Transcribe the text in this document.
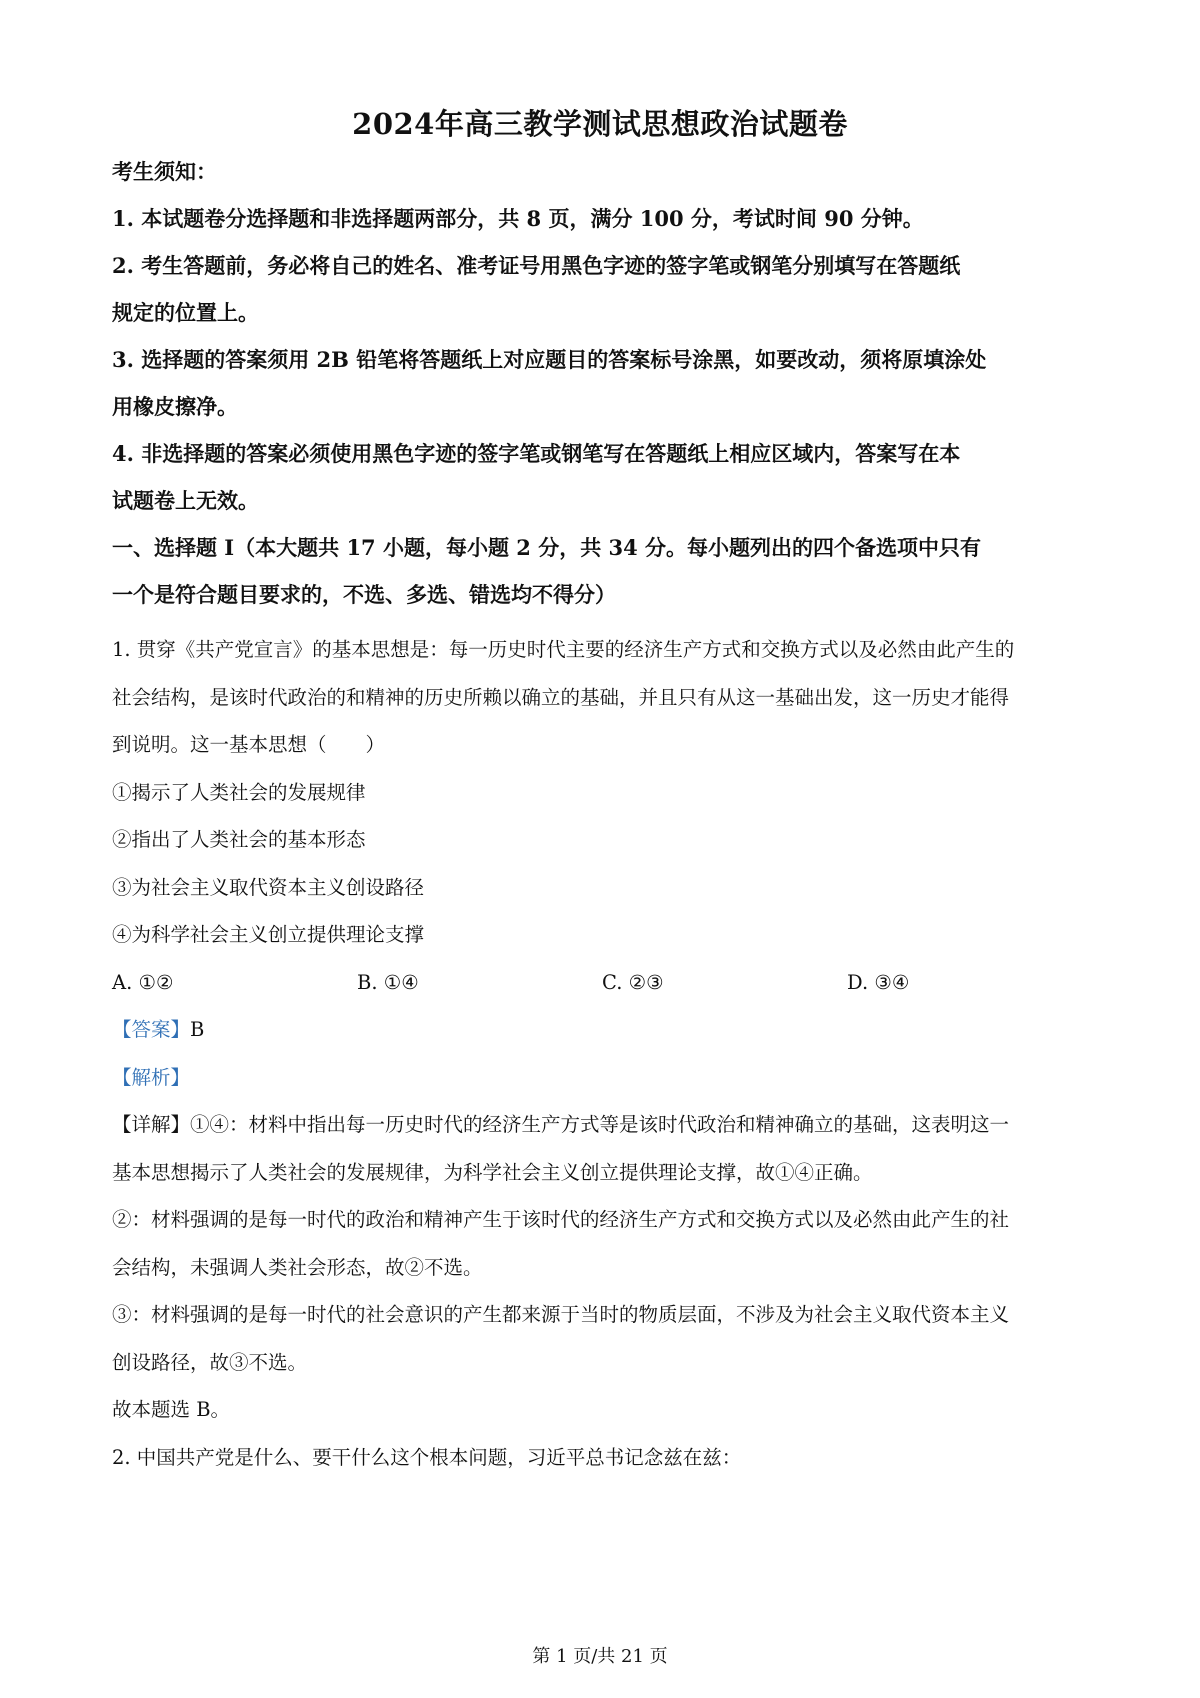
2024年高三教学测试思想政治试题卷

考生须知：

1. 本试题卷分选择题和非选择题两部分，共 8 页，满分 100 分，考试时间 90 分钟。

2. 考生答题前，务必将自己的姓名、准考证号用黑色字迹的签字笔或钢笔分别填写在答题纸

规定的位置上。

3. 选择题的答案须用 2B 铅笔将答题纸上对应题目的答案标号涂黑，如要改动，须将原填涂处

用橡皮擦净。

4. 非选择题的答案必须使用黑色字迹的签字笔或钢笔写在答题纸上相应区域内，答案写在本

试题卷上无效。

一、选择题 I（本大题共 17 小题，每小题 2 分，共 34 分。每小题列出的四个备选项中只有

一个是符合题目要求的，不选、多选、错选均不得分）

1. 贯穿《共产党宣言》的基本思想是：每一历史时代主要的经济生产方式和交换方式以及必然由此产生的

社会结构，是该时代政治的和精神的历史所赖以确立的基础，并且只有从这一基础出发，这一历史才能得

到说明。这一基本思想（　　）

①揭示了人类社会的发展规律

②指出了人类社会的基本形态

③为社会主义取代资本主义创设路径

④为科学社会主义创立提供理论支撑

A. ①②	B. ①④	C. ②③	D. ③④

【答案】B

【解析】

【详解】①④：材料中指出每一历史时代的经济生产方式等是该时代政治和精神确立的基础，这表明这一

基本思想揭示了人类社会的发展规律，为科学社会主义创立提供理论支撑，故①④正确。

②：材料强调的是每一时代的政治和精神产生于该时代的经济生产方式和交换方式以及必然由此产生的社

会结构，未强调人类社会形态，故②不选。

③：材料强调的是每一时代的社会意识的产生都来源于当时的物质层面，不涉及为社会主义取代资本主义

创设路径，故③不选。

故本题选 B。

2. 中国共产党是什么、要干什么这个根本问题，习近平总书记念兹在兹：

第 1 页/共 21 页
